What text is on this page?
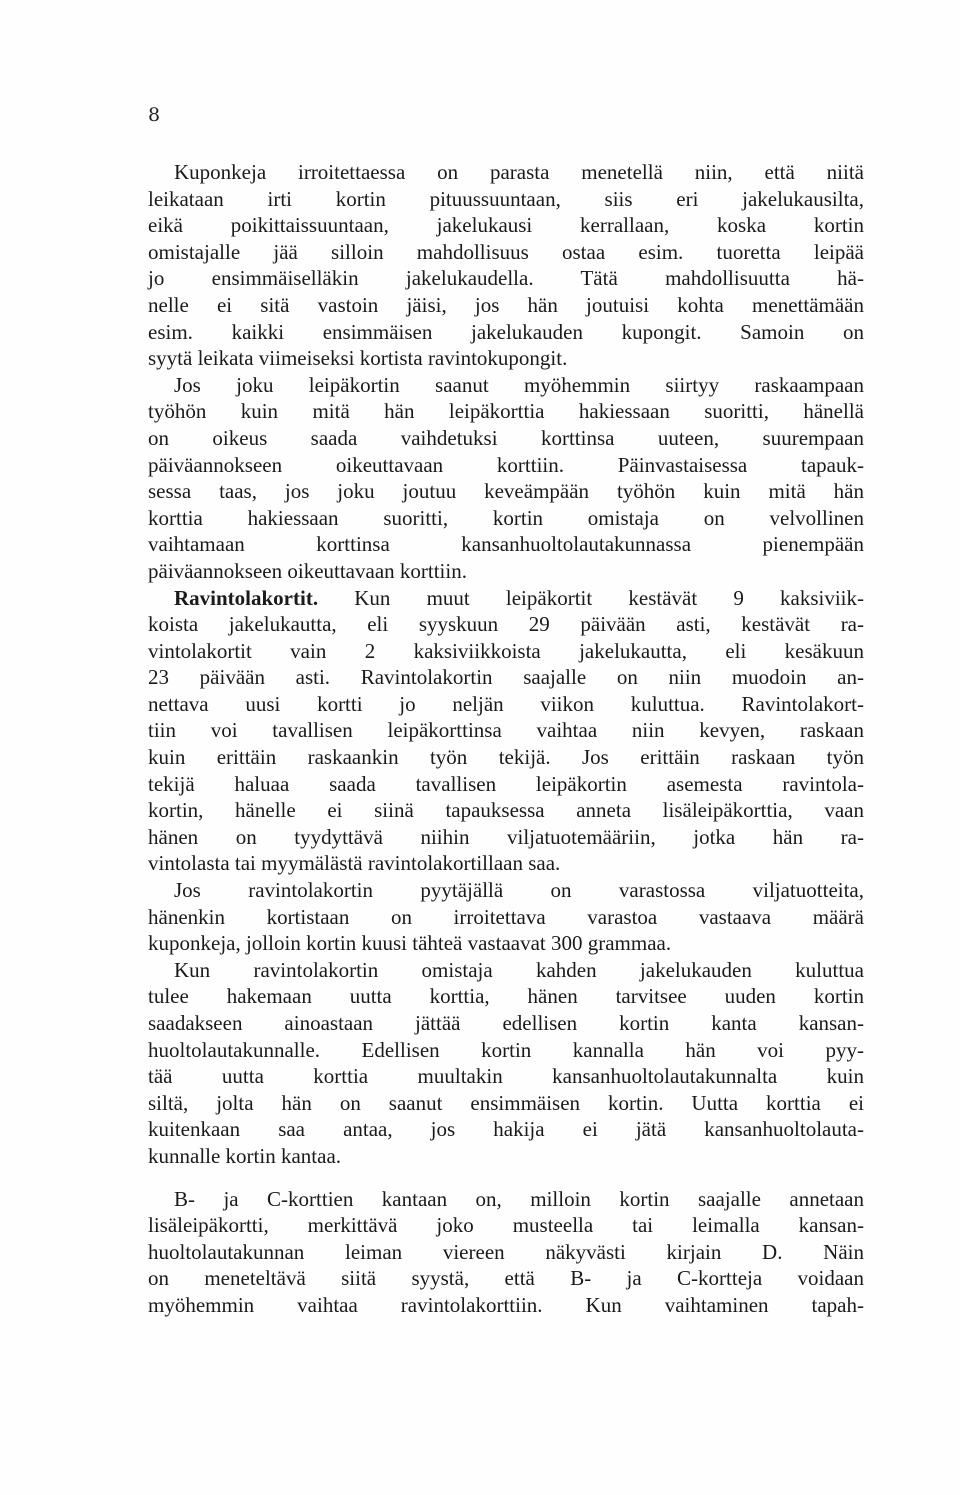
8
Kuponkeja irroitettaessa on parasta menetellä niin, että niitä
leikataan irti kortin pituussuuntaan, siis eri jakelukausilta,
eikä poikittaissuuntaan, jakelukausi kerrallaan, koska kortin
omistajalle jää silloin mahdollisuus ostaa esim. tuoretta leipää
jo ensimmäiselläkin jakelukaudella. Tätä mahdollisuutta hä-
nelle ei sitä vastoin jäisi, jos hän joutuisi kohta menettämään
esim. kaikki ensimmäisen jakelukauden kupongit. Samoin on
syytä leikata viimeiseksi kortista ravintokupongit.
Jos joku leipäkortin saanut myöhemmin siirtyy raskaampaan
työhön kuin mitä hän leipäkorttia hakiessaan suoritti, hänellä
on oikeus saada vaihdetuksi korttinsa uuteen, suurempaan
päiväannokseen oikeuttavaan korttiin. Päinvastaisessa tapauk-
sessa taas, jos joku joutuu keveämpään työhön kuin mitä hän
korttia hakiessaan suoritti, kortin omistaja on velvollinen
vaihtamaan korttinsa kansanhuoltolautakunnassa pienempään
päiväannokseen oikeuttavaan korttiin.
Ravintolakortit. Kun muut leipäkortit kestävät 9 kaksiviik-
koista jakelukautta, eli syyskuun 29 päivään asti, kestävät ra-
vintolakortit vain 2 kaksiviikkoista jakelukautta, eli kesäkuun
23 päivään asti. Ravintolakortin saajalle on niin muodoin an-
nettava uusi kortti jo neljän viikon kuluttua. Ravintolakort-
tiin voi tavallisen leipäkorttinsa vaihtaa niin kevyen, raskaan
kuin erittäin raskaankin työn tekijä. Jos erittäin raskaan työn
tekijä haluaa saada tavallisen leipäkortin asemesta ravintola-
kortin, hänelle ei siinä tapauksessa anneta lisäleipäkorttia, vaan
hänen on tyydyttävä niihin viljatuotemääriin, jotka hän ra-
vintolasta tai myymälästä ravintolakortillaan saa.
Jos ravintolakortin pyytäjällä on varastossa viljatuotteita,
hänenkin kortistaan on irroitettava varastoa vastaava määrä
kuponkeja, jolloin kortin kuusi tähteä vastaavat 300 grammaa.
Kun ravintolakortin omistaja kahden jakelukauden kuluttua
tulee hakemaan uutta korttia, hänen tarvitsee uuden kortin
saadakseen ainoastaan jättää edellisen kortin kanta kansan-
huoltolautakunnalle. Edellisen kortin kannalla hän voi pyy-
tää uutta korttia muultakin kansanhuoltolautakunnalta kuin
siltä, jolta hän on saanut ensimmäisen kortin. Uutta korttia ei
kuitenkaan saa antaa, jos hakija ei jätä kansanhuoltolauta-
kunnalle kortin kantaa.
B- ja C-korttien kantaan on, milloin kortin saajalle annetaan
lisäleipäkortti, merkittävä joko musteella tai leimalla kansan-
huoltolautakunnan leiman viereen näkyvästi kirjain D. Näin
on meneteltävä siitä syystä, että B- ja C-kortteja voidaan
myöhemmin vaihtaa ravintolakorttiin. Kun vaihtaminen tapah-
